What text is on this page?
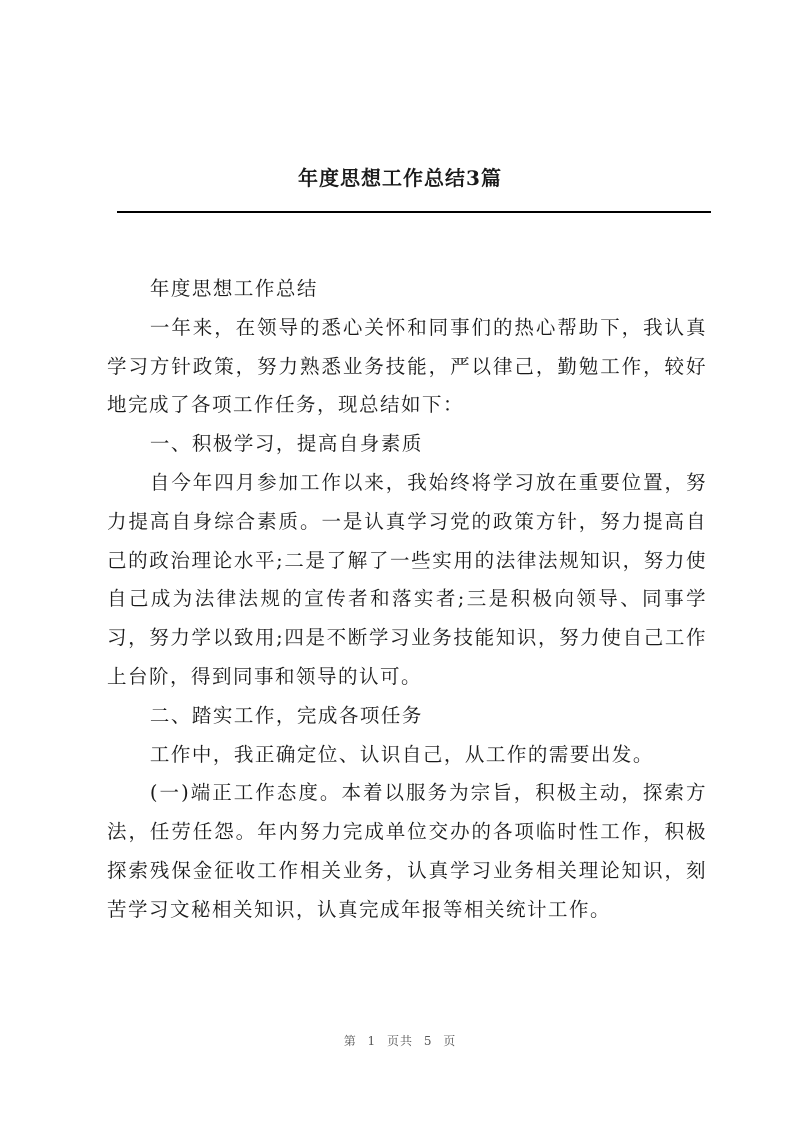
年度思想工作总结3篇

年度思想工作总结

一年来，在领导的悉心关怀和同事们的热心帮助下，我认真学习方针政策，努力熟悉业务技能，严以律己，勤勉工作，较好地完成了各项工作任务，现总结如下：

一、积极学习，提高自身素质

自今年四月参加工作以来，我始终将学习放在重要位置，努力提高自身综合素质。一是认真学习党的政策方针，努力提高自己的政治理论水平;二是了解了一些实用的法律法规知识，努力使自己成为法律法规的宣传者和落实者;三是积极向领导、同事学习，努力学以致用;四是不断学习业务技能知识，努力使自己工作上台阶，得到同事和领导的认可。

二、踏实工作，完成各项任务

工作中，我正确定位、认识自己，从工作的需要出发。

(一)端正工作态度。本着以服务为宗旨，积极主动，探索方法，任劳任怨。年内努力完成单位交办的各项临时性工作，积极探索残保金征收工作相关业务，认真学习业务相关理论知识，刻苦学习文秘相关知识，认真完成年报等相关统计工作。

第 1 页共 5 页
